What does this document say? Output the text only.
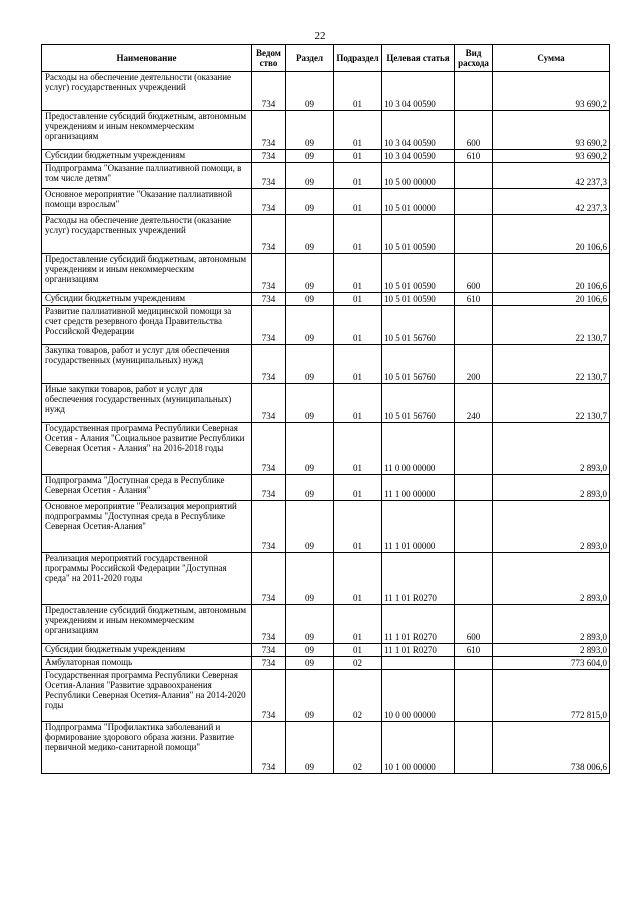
22
Наименование	Ведом ство	Раздел	Подраздел	Целевая статья	Вид расхода	Сумма
Расходы на обеспечение деятельности (оказание услуг) государственных учреждений	734	09	01	10 3 04 00590		93 690,2
Предоставление субсидий бюджетным, автономным учреждениям и иным некоммерческим организациям	734	09	01	10 3 04 00590	600	93 690,2
Субсидии бюджетным учреждениям	734	09	01	10 3 04 00590	610	93 690,2
Подпрограмма "Оказание паллиативной помощи, в том числе детям"	734	09	01	10 5 00 00000		42 237,3
Основное мероприятие "Оказание паллиативной помощи взрослым"	734	09	01	10 5 01 00000		42 237,3
Расходы на обеспечение деятельности (оказание услуг) государственных учреждений	734	09	01	10 5 01 00590		20 106,6
Предоставление субсидий бюджетным, автономным учреждениям и иным некоммерческим организациям	734	09	01	10 5 01 00590	600	20 106,6
Субсидии бюджетным учреждениям	734	09	01	10 5 01 00590	610	20 106,6
Развитие паллиативной медицинской помощи за счет средств резервного фонда Правительства Российской Федерации	734	09	01	10 5 01 56760		22 130,7
Закупка товаров, работ и услуг для обеспечения государственных (муниципальных) нужд	734	09	01	10 5 01 56760	200	22 130,7
Иные закупки товаров, работ и услуг для обеспечения государственных (муниципальных) нужд	734	09	01	10 5 01 56760	240	22 130,7
Государственная программа Республики Северная Осетия - Алания "Социальное развитие Республики Северная Осетия - Алания" на 2016-2018 годы	734	09	01	11 0 00 00000		2 893,0
Подпрограмма "Доступная среда в Республике Северная Осетия - Алания"	734	09	01	11 1 00 00000		2 893,0
Основное мероприятие "Реализация мероприятий подпрограммы "Доступная среда в Республике Северная Осетия-Алания"	734	09	01	11 1 01 00000		2 893,0
Реализация мероприятий государственной программы Российской Федерации "Доступная среда" на 2011-2020 годы	734	09	01	11 1 01 R0270		2 893,0
Предоставление субсидий бюджетным, автономным учреждениям и иным некоммерческим организациям	734	09	01	11 1 01 R0270	600	2 893,0
Субсидии бюджетным учреждениям	734	09	01	11 1 01 R0270	610	2 893,0
Амбулаторная помощь	734	09	02			773 604,0
Государственная программа Республики Северная Осетия-Алания "Развитие здравоохранения Республики Северная Осетия-Алания" на 2014-2020 годы	734	09	02	10 0 00 00000		772 815,0
Подпрограмма "Профилактика заболеваний и формирование здорового образа жизни. Развитие первичной медико-санитарной помощи"	734	09	02	10 1 00 00000		738 006,6
